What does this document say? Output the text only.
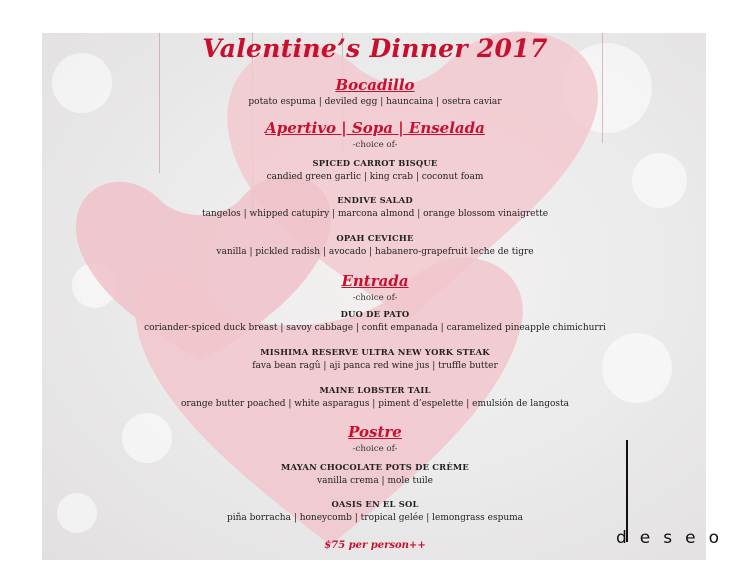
Valentine’s Dinner 2017
Bocadillo
potato espuma | deviled egg | hauncaina | osetra caviar
Apertivo | Sopa | Enselada
-choice of-
SPICED CARROT BISQUE
candied green garlic | king crab | coconut foam
ENDIVE SALAD
tangelos | whipped catupiry | marcona almond | orange blossom vinaigrette
OPAH CEVICHE
vanilla | pickled radish | avocado | habanero-grapefruit leche de tigre
Entrada
-choice of-
DUO DE PATO
coriander-spiced duck breast | savoy cabbage | confit empanada | caramelized pineapple chimichurri
MISHIMA RESERVE ULTRA NEW YORK STEAK
fava bean ragû | aji panca red wine jus | truffle butter
MAINE LOBSTER TAIL
orange butter poached | white asparagus | piment d’espelette | emulsión de langosta
Postre
-choice of-
MAYAN CHOCOLATE POTS DE CRÈME
vanilla crema | mole tuile
OASIS EN EL SOL
piña borracha | honeycomb | tropical gelée | lemongrass espuma
$75 per person++	deseo
